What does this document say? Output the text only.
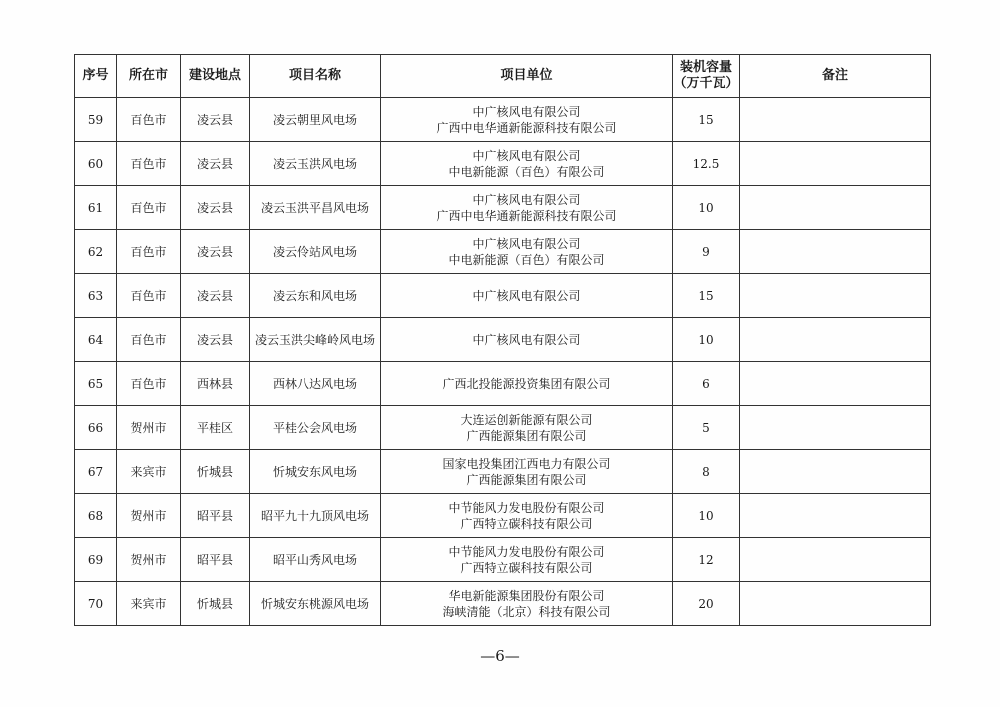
序号	所在市	建设地点	项目名称	项目单位	装机容量
（万千瓦）	备注
59	百色市	凌云县	凌云朝里风电场	中广核风电有限公司
广西中电华通新能源科技有限公司	15	
60	百色市	凌云县	凌云玉洪风电场	中广核风电有限公司
中电新能源（百色）有限公司	12.5	
61	百色市	凌云县	凌云玉洪平昌风电场	中广核风电有限公司
广西中电华通新能源科技有限公司	10	
62	百色市	凌云县	凌云伶站风电场	中广核风电有限公司
中电新能源（百色）有限公司	9	
63	百色市	凌云县	凌云东和风电场	中广核风电有限公司	15	
64	百色市	凌云县	凌云玉洪尖峰岭风电场	中广核风电有限公司	10	
65	百色市	西林县	西林八达风电场	广西北投能源投资集团有限公司	6	
66	贺州市	平桂区	平桂公会风电场	大连运创新能源有限公司
广西能源集团有限公司	5	
67	来宾市	忻城县	忻城安东风电场	国家电投集团江西电力有限公司
广西能源集团有限公司	8	
68	贺州市	昭平县	昭平九十九顶风电场	中节能风力发电股份有限公司
广西特立碳科技有限公司	10	
69	贺州市	昭平县	昭平山秀风电场	中节能风力发电股份有限公司
广西特立碳科技有限公司	12	
70	来宾市	忻城县	忻城安东桃源风电场	华电新能源集团股份有限公司
海峡清能（北京）科技有限公司	20	
—6—
